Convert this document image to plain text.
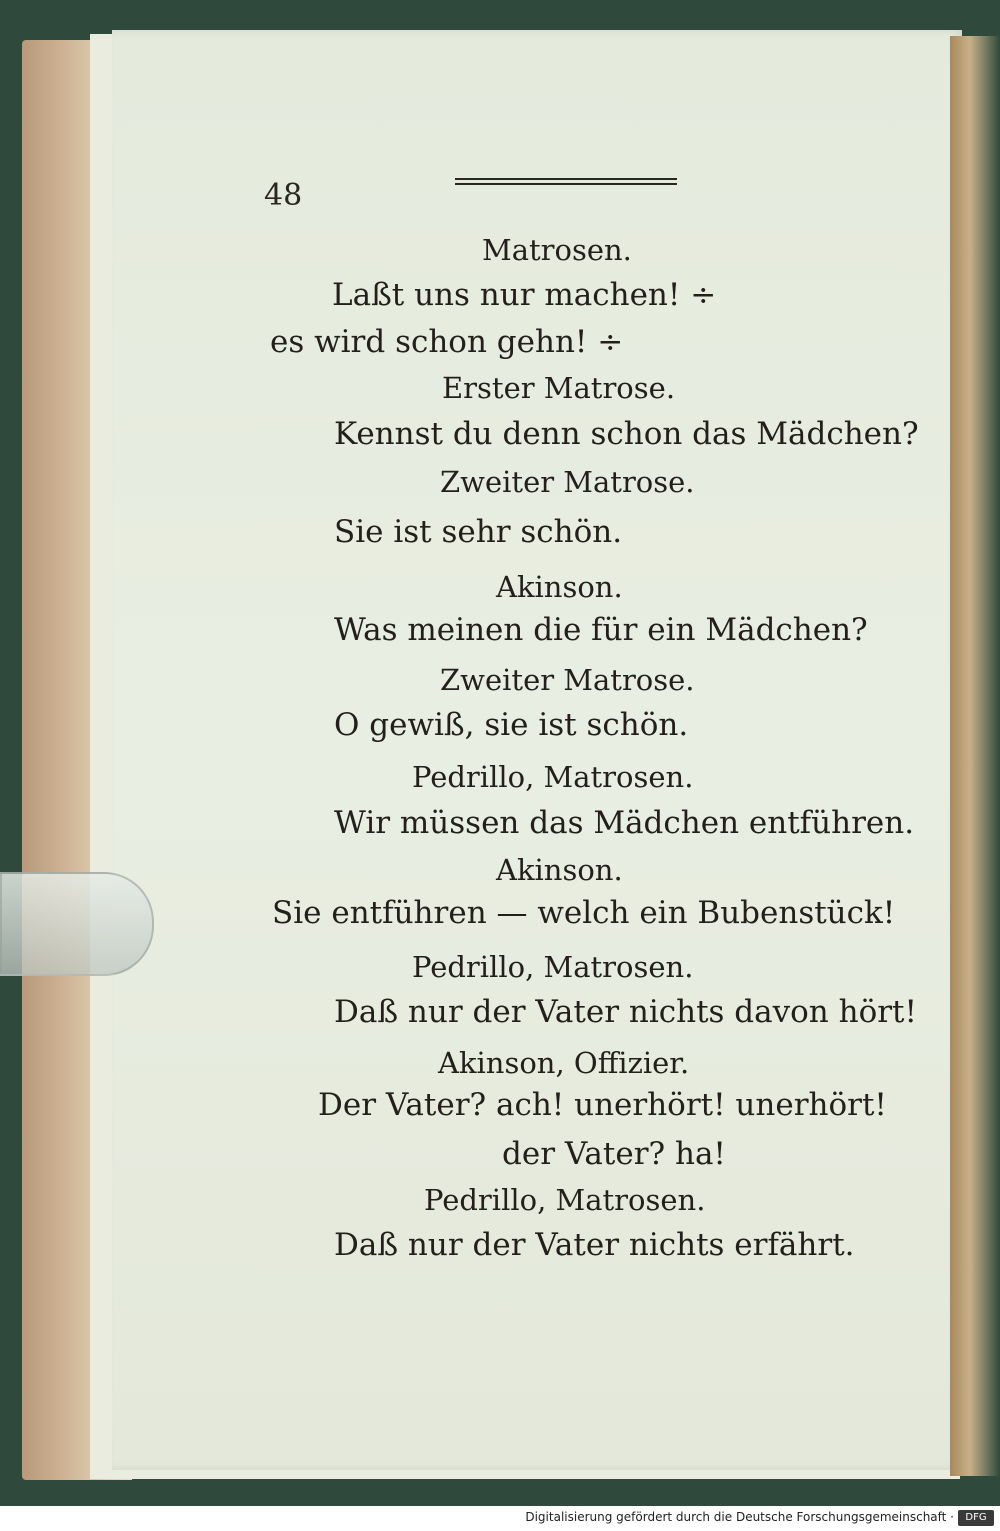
48
Matrosen.
Laßt uns nur machen! ÷
es wird schon gehn! ÷
Erster Matrose.
Kennst du denn schon das Mädchen?
Zweiter Matrose.
Sie ist sehr schön.
Akinson.
Was meinen die für ein Mädchen?
Zweiter Matrose.
O gewiß, sie ist schön.
Pedrillo, Matrosen.
Wir müssen das Mädchen entführen.
Akinson.
Sie entführen — welch ein Bubenstück!
Pedrillo, Matrosen.
Daß nur der Vater nichts davon hört!
Akinson, Offizier.
Der Vater? ach! unerhört! unerhört!
der Vater? ha!
Pedrillo, Matrosen.
Daß nur der Vater nichts erfährt.
Digitalisierung gefördert durch die Deutsche Forschungsgemeinschaft ·	DFG
